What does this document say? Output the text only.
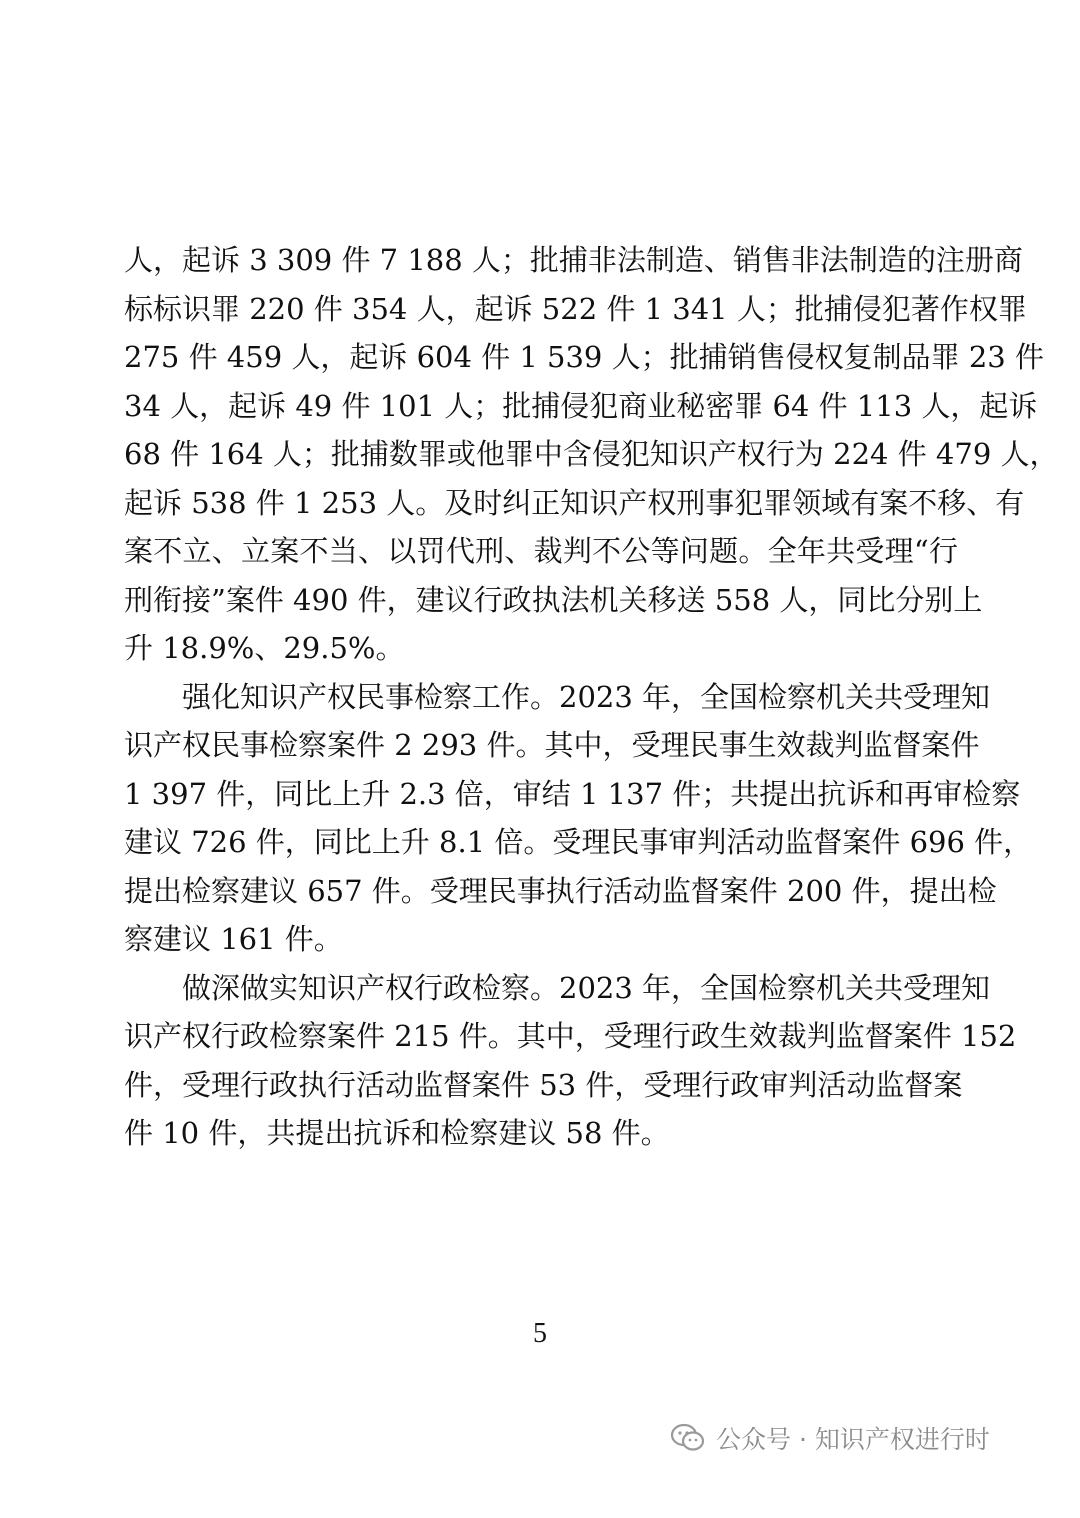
人，起诉 3 309 件 7 188 人；批捕非法制造、销售非法制造的注册商
标标识罪 220 件 354 人，起诉 522 件 1 341 人；批捕侵犯著作权罪
275 件 459 人，起诉 604 件 1 539 人；批捕销售侵权复制品罪 23 件
34 人，起诉 49 件 101 人；批捕侵犯商业秘密罪 64 件 113 人，起诉
68 件 164 人；批捕数罪或他罪中含侵犯知识产权行为 224 件 479 人，
起诉 538 件 1 253 人。及时纠正知识产权刑事犯罪领域有案不移、有
案不立、立案不当、以罚代刑、裁判不公等问题。全年共受理“行
刑衔接”案件 490 件，建议行政执法机关移送 558 人，同比分别上
升 18.9%、29.5%。
强化知识产权民事检察工作。2023 年，全国检察机关共受理知
识产权民事检察案件 2 293 件。其中，受理民事生效裁判监督案件
1 397 件，同比上升 2.3 倍，审结 1 137 件；共提出抗诉和再审检察
建议 726 件，同比上升 8.1 倍。受理民事审判活动监督案件 696 件，
提出检察建议 657 件。受理民事执行活动监督案件 200 件，提出检
察建议 161 件。
做深做实知识产权行政检察。2023 年，全国检察机关共受理知
识产权行政检察案件 215 件。其中，受理行政生效裁判监督案件 152
件，受理行政执行活动监督案件 53 件，受理行政审判活动监督案
件 10 件，共提出抗诉和检察建议 58 件。
5
公众号 · 知识产权进行时
